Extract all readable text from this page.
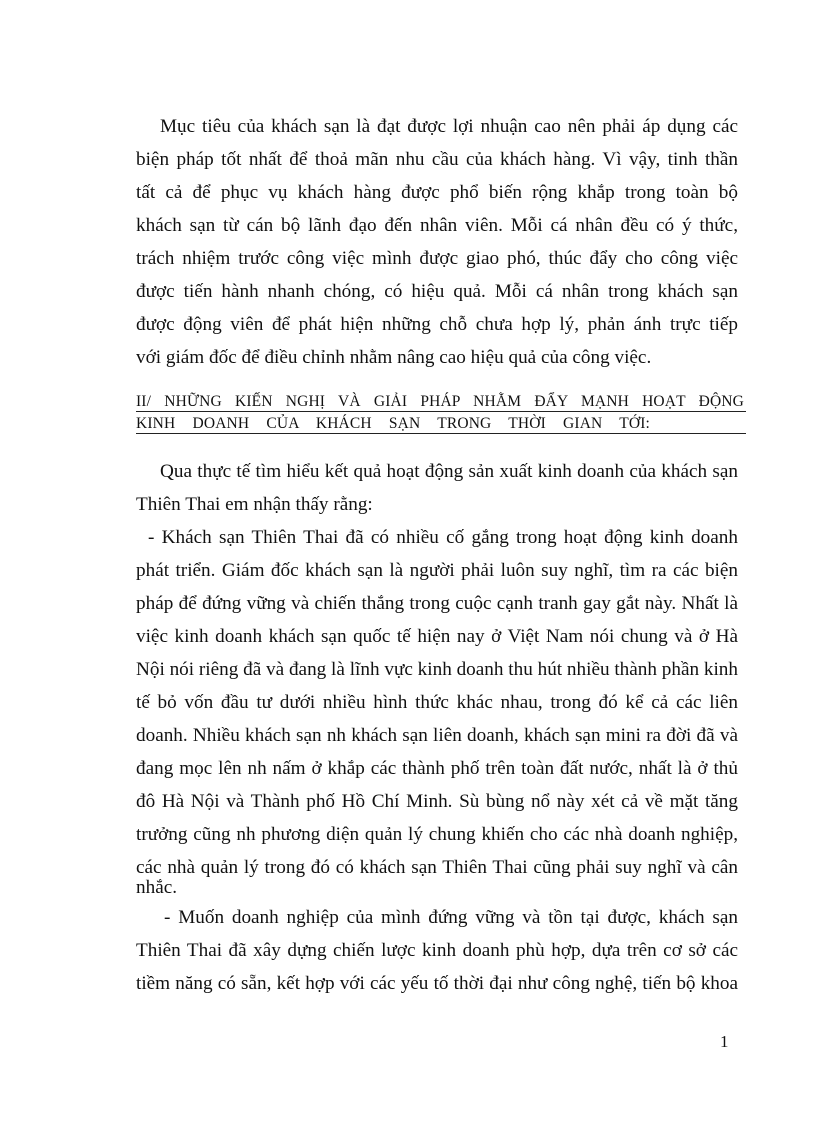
Mục tiêu của khách sạn là đạt được lợi nhuận cao nên phải áp dụng các
biện pháp tốt nhất để thoả mãn nhu cầu của khách hàng. Vì vậy, tinh thần
tất cả để phục vụ khách hàng được phổ biến rộng khắp trong toàn bộ
khách sạn từ cán bộ lãnh đạo đến nhân viên. Mỗi cá nhân đều có ý thức,
trách nhiệm trước công việc mình được giao phó, thúc đẩy cho công việc
được tiến hành nhanh chóng, có hiệu quả. Mỗi cá nhân trong khách sạn
được động viên để phát hiện những chỗ chưa hợp lý, phản ánh trực tiếp
với giám đốc để điều chỉnh nhằm nâng cao hiệu quả của công việc.
II/ NHỮNG KIẾN NGHỊ VÀ GIẢI PHÁP NHẰM ĐẨY MẠNH HOẠT ĐỘNG
KINH DOANH CỦA KHÁCH SẠN TRONG THỜI GIAN TỚI:
Qua thực tế tìm hiểu kết quả hoạt động sản xuất kinh doanh của khách sạn
Thiên Thai em nhận thấy rằng:
- Khách sạn Thiên Thai đã có nhiều cố gắng trong hoạt động kinh doanh
phát triển. Giám đốc khách sạn là người phải luôn suy nghĩ, tìm ra các biện
pháp để đứng vững và chiến thắng trong cuộc cạnh tranh gay gắt này. Nhất là
việc kinh doanh khách sạn quốc tế hiện nay ở Việt Nam nói chung và ở Hà
Nội nói riêng đã và đang là lĩnh vực kinh doanh thu hút nhiều thành phần kinh
tế bỏ vốn đầu tư dưới nhiều hình thức khác nhau, trong đó kể cả các liên
doanh. Nhiều khách sạn nh khách sạn liên doanh, khách sạn mini ra đời đã và
đang mọc lên nh nấm ở khắp các thành phố trên toàn đất nước, nhất là ở thủ
đô Hà Nội và Thành phố Hồ Chí Minh. Sù bùng nổ này xét cả về mặt tăng
trưởng cũng nh phương diện quản lý chung khiến cho các nhà doanh nghiệp,
các nhà quản lý trong đó có khách sạn Thiên Thai cũng phải suy nghĩ và cân
nhắc.
- Muốn doanh nghiệp của mình đứng vững và tồn tại được, khách sạn
Thiên Thai đã xây dựng chiến lược kinh doanh phù hợp, dựa trên cơ sở các
tiềm năng có sẵn, kết hợp với các yếu tố thời đại như công nghệ, tiến bộ khoa
1
